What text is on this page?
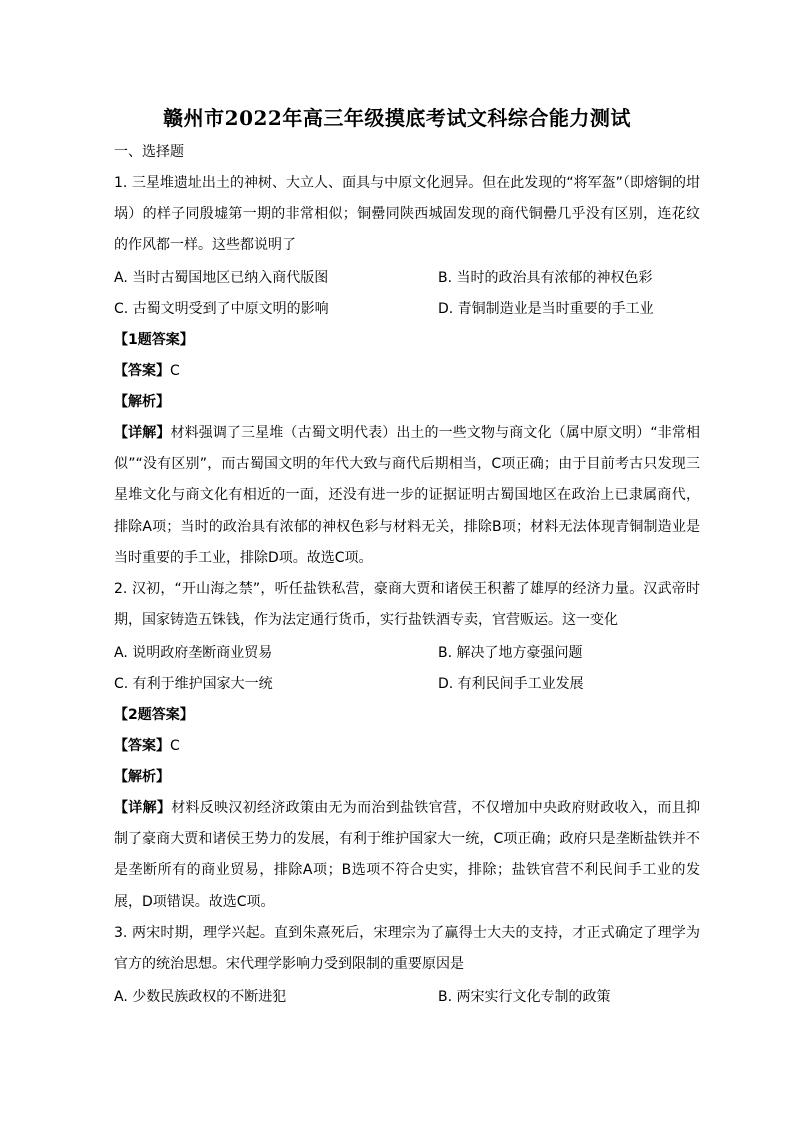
赣州市2022年高三年级摸底考试文科综合能力测试
一、选择题
1. 三星堆遗址出土的神树、大立人、面具与中原文化迥异。但在此发现的“将军盔”（即熔铜的坩埚）的样子同殷墟第一期的非常相似；铜罍同陕西城固发现的商代铜罍几乎没有区别，连花纹的作风都一样。这些都说明了
A. 当时古蜀国地区已纳入商代版图	B. 当时的政治具有浓郁的神权色彩
C. 古蜀文明受到了中原文明的影响	D. 青铜制造业是当时重要的手工业
【1题答案】
【答案】C
【解析】
【详解】材料强调了三星堆（古蜀文明代表）出土的一些文物与商文化（属中原文明）“非常相似”“没有区别”，而古蜀国文明的年代大致与商代后期相当，C项正确；由于目前考古只发现三星堆文化与商文化有相近的一面，还没有进一步的证据证明古蜀国地区在政治上已隶属商代，排除A项；当时的政治具有浓郁的神权色彩与材料无关，排除B项；材料无法体现青铜制造业是当时重要的手工业，排除D项。故选C项。
2. 汉初，“开山海之禁”，听任盐铁私营，豪商大贾和诸侯王积蓄了雄厚的经济力量。汉武帝时期，国家铸造五铢钱，作为法定通行货币，实行盐铁酒专卖，官营贩运。这一变化
A. 说明政府垄断商业贸易	B. 解决了地方豪强问题
C. 有利于维护国家大一统	D. 有利民间手工业发展
【2题答案】
【答案】C
【解析】
【详解】材料反映汉初经济政策由无为而治到盐铁官营，不仅增加中央政府财政收入，而且抑制了豪商大贾和诸侯王势力的发展，有利于维护国家大一统，C项正确；政府只是垄断盐铁并不是垄断所有的商业贸易，排除A项；B选项不符合史实，排除；盐铁官营不利民间手工业的发展，D项错误。故选C项。
3. 两宋时期，理学兴起。直到朱熹死后，宋理宗为了赢得士大夫的支持，才正式确定了理学为官方的统治思想。宋代理学影响力受到限制的重要原因是
A. 少数民族政权的不断进犯	B. 两宋实行文化专制的政策
